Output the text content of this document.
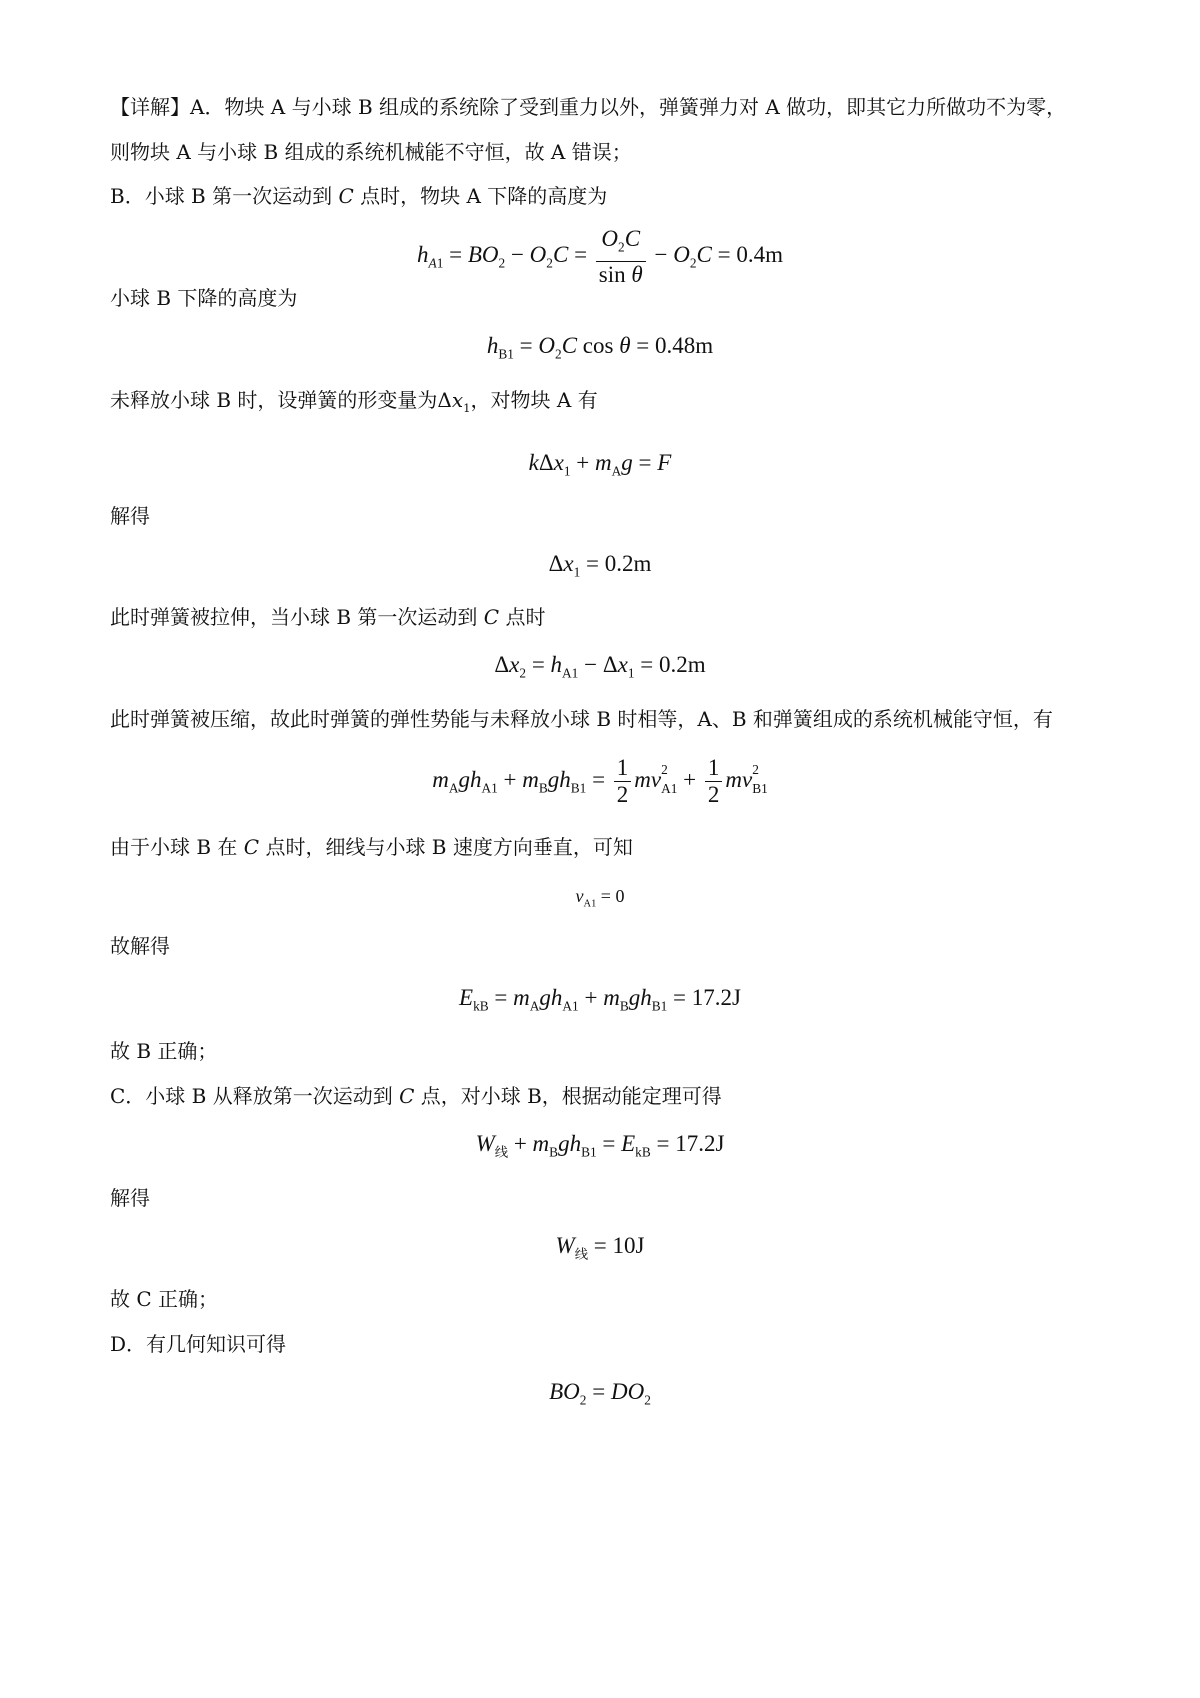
【详解】A．物块 A 与小球 B 组成的系统除了受到重力以外，弹簧弹力对 A 做功，即其它力所做功不为零，
则物块 A 与小球 B 组成的系统机械能不守恒，故 A 错误；
B．小球 B 第一次运动到 C 点时，物块 A 下降的高度为
$h_{A1} = BO_2 - O_2C = \frac{O_2C}{\text{sin θ}} - O_2C = 0.4m$
小球 B 下降的高度为
$h_{B1} = O_2C$ cos θ = 0.48m
未释放小球 B 时，设弹簧的形变量为$\Delta x_1$，对物块 A 有
$k\Delta x_1 + m_Ag = F$
解得
$\Delta x_1 = 0.2m$
此时弹簧被拉伸，当小球 B 第一次运动到 C 点时
$\Delta x_2 = h_{A1} - \Delta x_1 = 0.2m$
此时弹簧被压缩，故此时弹簧的弹性势能与未释放小球 B 时相等，A、B 和弹簧组成的系统机械能守恒，有
$m_Agh_{A1} + m_Bgh_{B1} = \frac{1}{2}$ mv 2
$_{A1} + \frac{1}{2}$ mv 2
$_{B1}$
由于小球 B 在 C 点时，细线与小球 B 速度方向垂直，可知
$v_{A1} = 0$
故解得
$E_{kB} = m_Agh_{A1} + m_Bgh_{B1} = 17.2J$
故 B 正确；
C．小球 B 从释放第一次运动到 C 点，对小球 B，根据动能定理可得
$W_线 + m_Bgh_{B1} = E_{kB} = 17.2J$
解得
$W_线 = 10J$
故 C 正确；
D．有几何知识可得
$BO_2 = DO_2$
